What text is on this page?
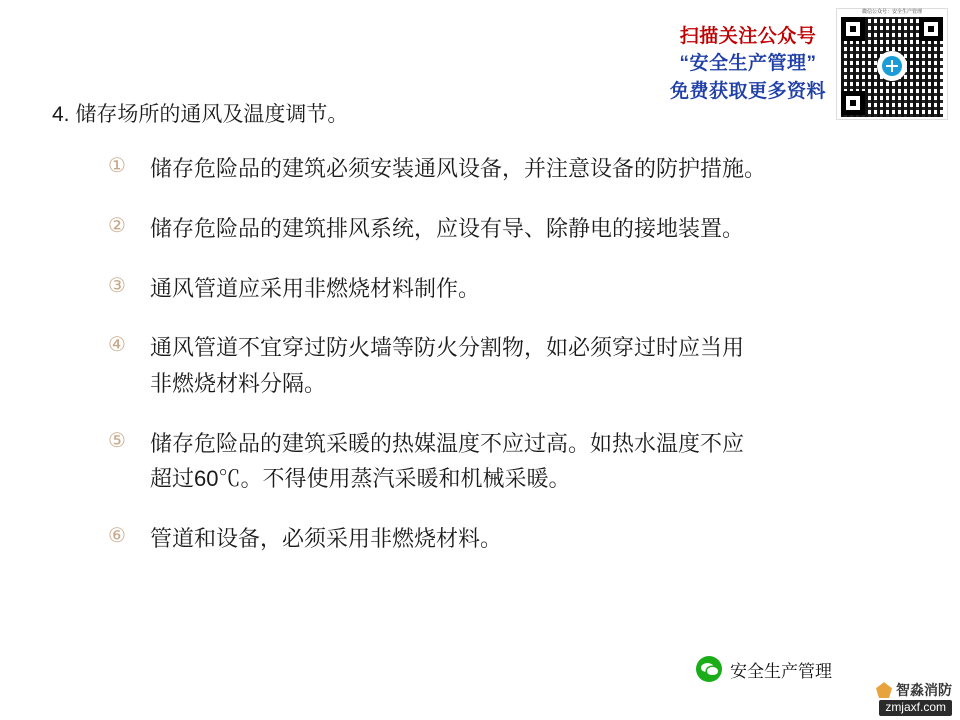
扫描关注公众号
“安全生产管理”
免费获取更多资料
微信公众号：安全生产管理
4. 储存场所的通风及温度调节。
①	储存危险品的建筑必须安装通风设备，并注意设备的防护措施。
②	储存危险品的建筑排风系统，应设有导、除静电的接地装置。
③	通风管道应采用非燃烧材料制作。
④	通风管道不宜穿过防火墙等防火分割物，如必须穿过时应当用
非燃烧材料分隔。
⑤	储存危险品的建筑采暖的热媒温度不应过高。如热水温度不应
超过60℃。不得使用蒸汽采暖和机械采暖。
⑥	管道和设备，必须采用非燃烧材料。
安全生产管理
智淼消防
zmjaxf.com
